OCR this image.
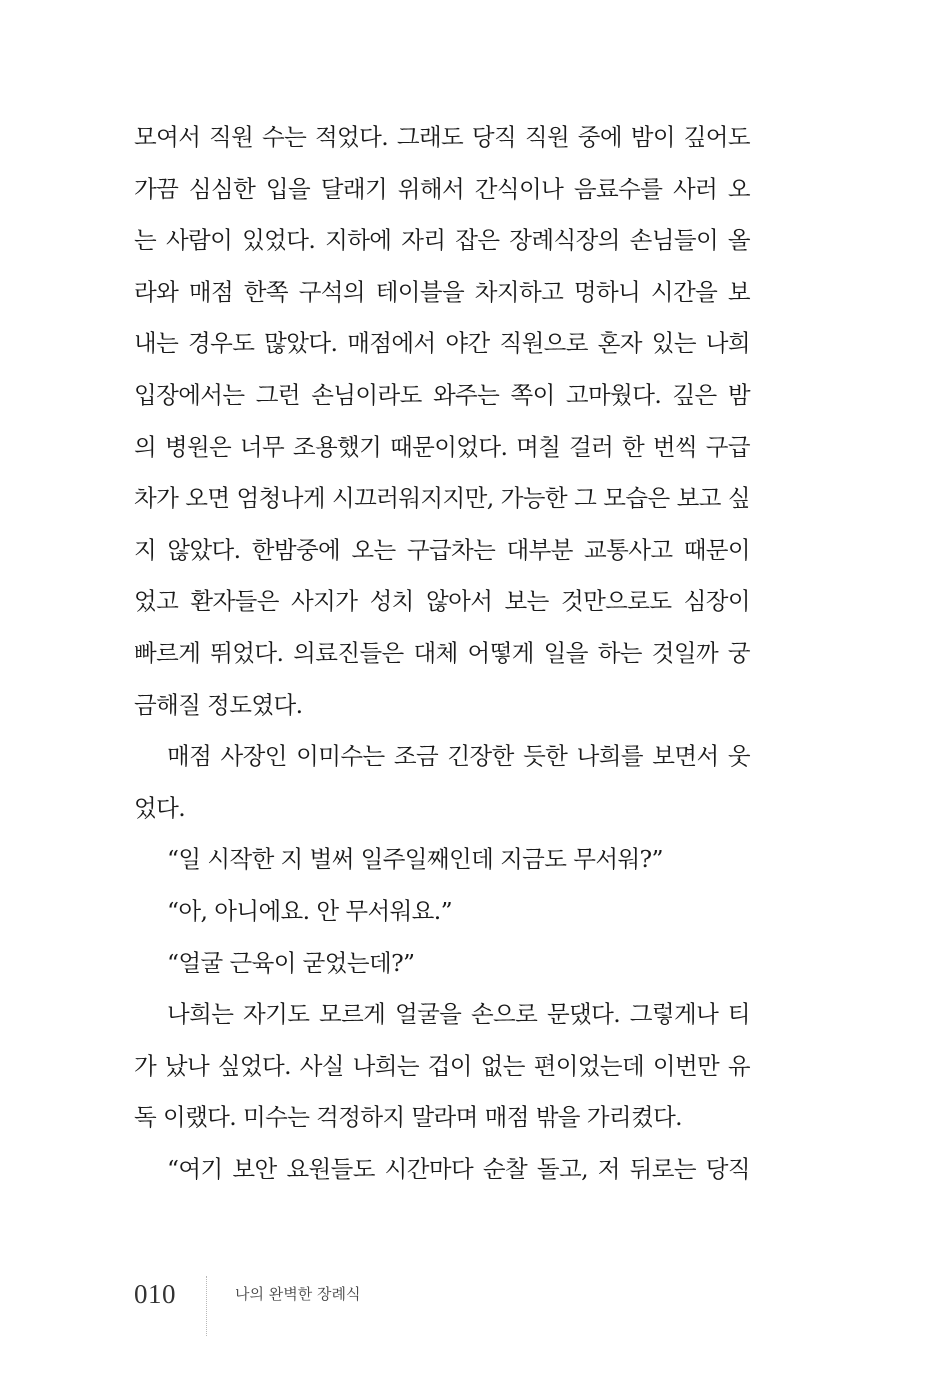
모여서 직원 수는 적었다. 그래도 당직 직원 중에 밤이 깊어도
가끔 심심한 입을 달래기 위해서 간식이나 음료수를 사러 오
는 사람이 있었다. 지하에 자리 잡은 장례식장의 손님들이 올
라와 매점 한쪽 구석의 테이블을 차지하고 멍하니 시간을 보
내는 경우도 많았다. 매점에서 야간 직원으로 혼자 있는 나희
입장에서는 그런 손님이라도 와주는 쪽이 고마웠다. 깊은 밤
의 병원은 너무 조용했기 때문이었다. 며칠 걸러 한 번씩 구급
차가 오면 엄청나게 시끄러워지지만, 가능한 그 모습은 보고 싶
지 않았다. 한밤중에 오는 구급차는 대부분 교통사고 때문이
었고 환자들은 사지가 성치 않아서 보는 것만으로도 심장이
빠르게 뛰었다. 의료진들은 대체 어떻게 일을 하는 것일까 궁
금해질 정도였다.
매점 사장인 이미수는 조금 긴장한 듯한 나희를 보면서 웃
었다.
“일 시작한 지 벌써 일주일째인데 지금도 무서워?”
“아, 아니에요. 안 무서워요.”
“얼굴 근육이 굳었는데?”
나희는 자기도 모르게 얼굴을 손으로 문댔다. 그렇게나 티
가 났나 싶었다. 사실 나희는 겁이 없는 편이었는데 이번만 유
독 이랬다. 미수는 걱정하지 말라며 매점 밖을 가리켰다.
“여기 보안 요원들도 시간마다 순찰 돌고, 저 뒤로는 당직
010	나의 완벽한 장례식
